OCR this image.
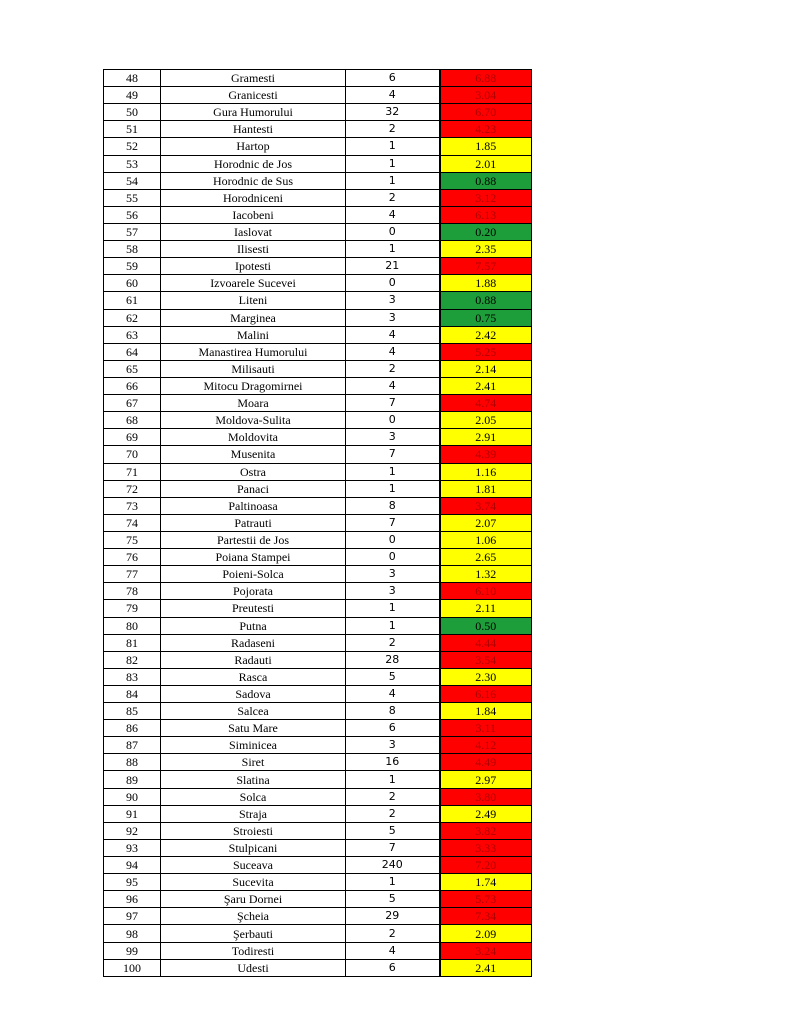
48	Gramesti	6	6.88
49	Granicesti	4	3.04
50	Gura Humorului	32	6.70
51	Hantesti	2	4.23
52	Hartop	1	1.85
53	Horodnic de Jos	1	2.01
54	Horodnic de Sus	1	0.88
55	Horodniceni	2	3.12
56	Iacobeni	4	6.13
57	Iaslovat	0	0.20
58	Ilisesti	1	2.35
59	Ipotesti	21	7.57
60	Izvoarele Sucevei	0	1.88
61	Liteni	3	0.88
62	Marginea	3	0.75
63	Malini	4	2.42
64	Manastirea Humorului	4	5.25
65	Milisauti	2	2.14
66	Mitocu Dragomirnei	4	2.41
67	Moara	7	4.74
68	Moldova-Sulita	0	2.05
69	Moldovita	3	2.91
70	Musenita	7	4.39
71	Ostra	1	1.16
72	Panaci	1	1.81
73	Paltinoasa	8	3.74
74	Patrauti	7	2.07
75	Partestii de Jos	0	1.06
76	Poiana Stampei	0	2.65
77	Poieni-Solca	3	1.32
78	Pojorata	3	6.10
79	Preutesti	1	2.11
80	Putna	1	0.50
81	Radaseni	2	4.44
82	Radauti	28	3.54
83	Rasca	5	2.30
84	Sadova	4	6.16
85	Salcea	8	1.84
86	Satu Mare	6	3.11
87	Siminicea	3	4.12
88	Siret	16	4.49
89	Slatina	1	2.97
90	Solca	2	3.80
91	Straja	2	2.49
92	Stroiesti	5	3.82
93	Stulpicani	7	3.33
94	Suceava	240	7.20
95	Sucevita	1	1.74
96	Şaru Dornei	5	5.73
97	Şcheia	29	7.34
98	Şerbauti	2	2.09
99	Todiresti	4	3.24
100	Udesti	6	2.41
